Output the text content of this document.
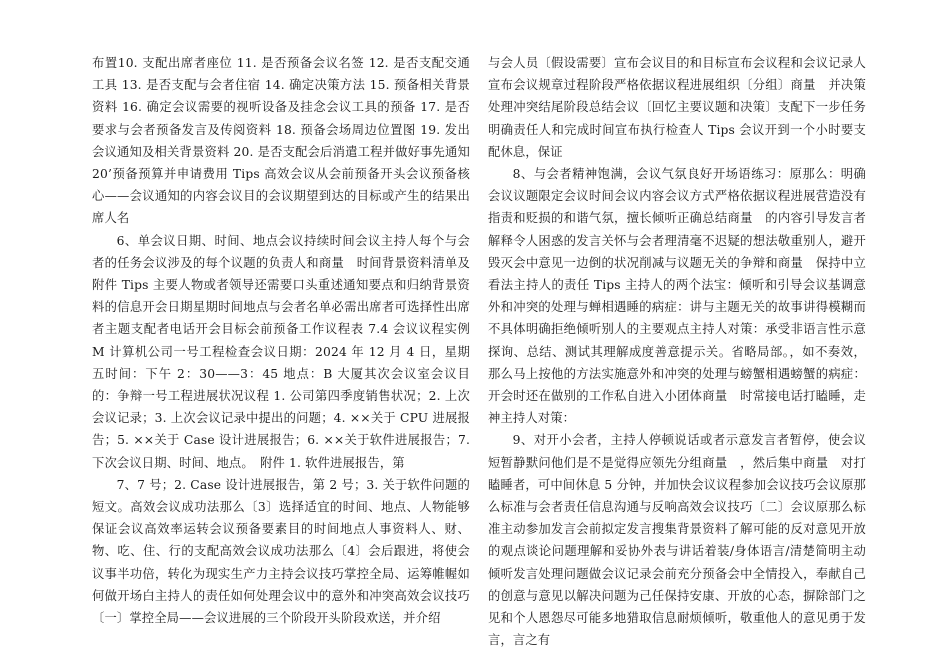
布置10. 支配出席者座位 11. 是否预备会议名签 12. 是否支配交通工具 13. 是否支配与会者住宿 14. 确定决策方法 15. 预备相关背景资料 16. 确定会议需要的视听设备及挂念会议工具的预备 17. 是否要求与会者预备发言及传阅资料 18. 预备会场周边位置图 19. 发出会议通知及相关背景资料 20. 是否支配会后消遣工程并做好事先通知 20’预备预算并申请费用 Tips 高效会议从会前预备开头会议预备核心——会议通知的内容会议目的会议期望到达的目标或产生的结果出席人名

6、单会议日期、时间、地点会议持续时间会议主持人每个与会者的任务会议涉及的每个议题的负责人和商量　时间背景资料清单及附件 Tips 主要人物或者领导还需要口头重述通知要点和归纳背景资料的信息开会日期星期时间地点与会者名单必需出席者可选择性出席者主题支配者电话开会目标会前预备工作议程表 7.4 会议议程实例 M 计算机公司一号工程检查会议日期：2024 年 12 月 4 日，星期五时间：下午 2：30——3：45 地点：B 大厦其次会议室会议目的：争辩一号工程进展状况议程 1. 公司第四季度销售状况；2. 上次会议记录；3. 上次会议记录中提出的问题；4. ××关于 CPU 进展报告；5. ××关于 Case 设计进展报告；6. ××关于软件进展报告；7. 下次会议日期、时间、地点。　附件 1. 软件进展报告，第

7、7 号；2. Case 设计进展报告，第 2 号；3. 关于软件问题的短文。高效会议成功法那么〔3〕选择适宜的时间、地点、人物能够保证会议高效率运转会议预备要素目的时间地点人事资料人、财、物、吃、住、行的支配高效会议成功法那么〔4〕会后跟进，将使会议事半功倍，转化为现实生产力主持会议技巧掌控全局、运筹帷幄如何做开场白主持人的责任如何处理会议中的意外和冲突高效会议技巧〔一〕掌控全局——会议进展的三个阶段开头阶段欢送，并介绍

与会人员〔假设需要〕宣布会议目的和目标宣布会议程和会议记录人宣布会议规章过程阶段严格依据议程进展组织〔分组〕商量　并决策处理冲突结尾阶段总结会议〔回忆主要议题和决策〕支配下一步任务明确责任人和完成时间宣布执行检查人 Tips 会议开到一个小时要支配休息，保证

8、与会者精神饱满，会议气氛良好开场语练习：原那么：明确会议议题限定会议时间会议内容会议方式严格依据议程进展营造没有指责和贬损的和谐气氛，擅长倾听正确总结商量　的内容引导发言者解释令人困惑的发言关怀与会者理清毫不迟疑的想法敬重别人，避开毁灭会中意见一边倒的状况削减与议题无关的争辩和商量　保持中立看法主持人的责任 Tips 主持人的两个法宝：倾听和引导会议基调意外和冲突的处理与蝉相遇睡的病症：讲与主题无关的故事讲得模糊而不具体明确拒绝倾听别人的主要观点主持人对策：承受非语言性示意探询、总结、测试其理解成度善意提示关。省略局部。，如不奏效，那么马上按他的方法实施意外和冲突的处理与螃蟹相遇螃蟹的病症：开会时还在做别的工作私自进入小团体商量　时常接电话打瞌睡，走神主持人对策：

9、对开小会者，主持人停顿说话或者示意发言者暂停，使会议短暂静默问他们是不是觉得应领先分组商量　，然后集中商量　对打瞌睡者，可中间休息 5 分钟，并加快会议议程参加会议技巧会议原那么标准与会者责任信息沟通与反响高效会议技巧〔二〕会议原那么标准主动参加发言会前拟定发言搜集背景资料了解可能的反对意见开放的观点谈论问题理解和妥协外表与讲话着装/身体语言/清楚简明主动倾听发言处理问题做会议记录会前充分预备会中全情投入，奉献自己的创意与意见以解决问题为己任保持安康、开放的心态，摒除部门之见和个人恩怨尽可能多地猎取信息耐烦倾听，敬重他人的意见勇于发言，言之有
